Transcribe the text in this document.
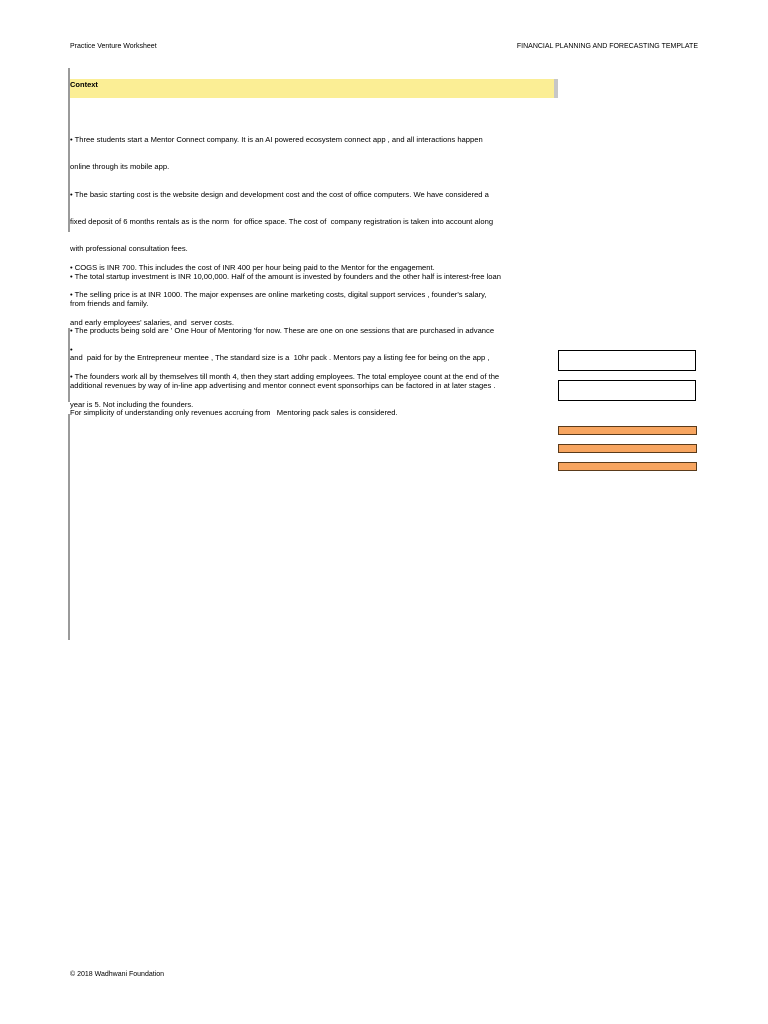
Practice Venture Worksheet	FINANCIAL PLANNING AND FORECASTING TEMPLATE
Context

• Three students start a Mentor Connect company. It is an AI powered ecosystem connect app , and all interactions happen

online through its mobile app.

• The basic starting cost is the website design and development cost and the cost of office computers. We have considered a

fixed deposit of 6 months rentals as is the norm  for office space. The cost of  company registration is taken into account along

with professional consultation fees.

• The total startup investment is INR 10,00,000. Half of the amount is invested by founders and the other half is interest-free loan

from friends and family.

• The products being sold are ' One Hour of Mentoring 'for now. These are one on one sessions that are purchased in advance

and  paid for by the Entrepreneur mentee , The standard size is a  10hr pack . Mentors pay a listing fee for being on the app ,

additional revenues by way of in-line app advertising and mentor connect event sponsorhips can be factored in at later stages .

For simplicity of understanding only revenues accruing from   Mentoring pack sales is considered.

• COGS is INR 700. This includes the cost of INR 400 per hour being paid to the Mentor for the engagement.

• The selling price is at INR 1000. The major expenses are online marketing costs, digital support services , founder's salary,

and early employees' salaries, and  server costs.

•

• The founders work all by themselves till month 4, then they start adding employees. The total employee count at the end of the

year is 5. Not including the founders.

© 2018 Wadhwani Foundation
